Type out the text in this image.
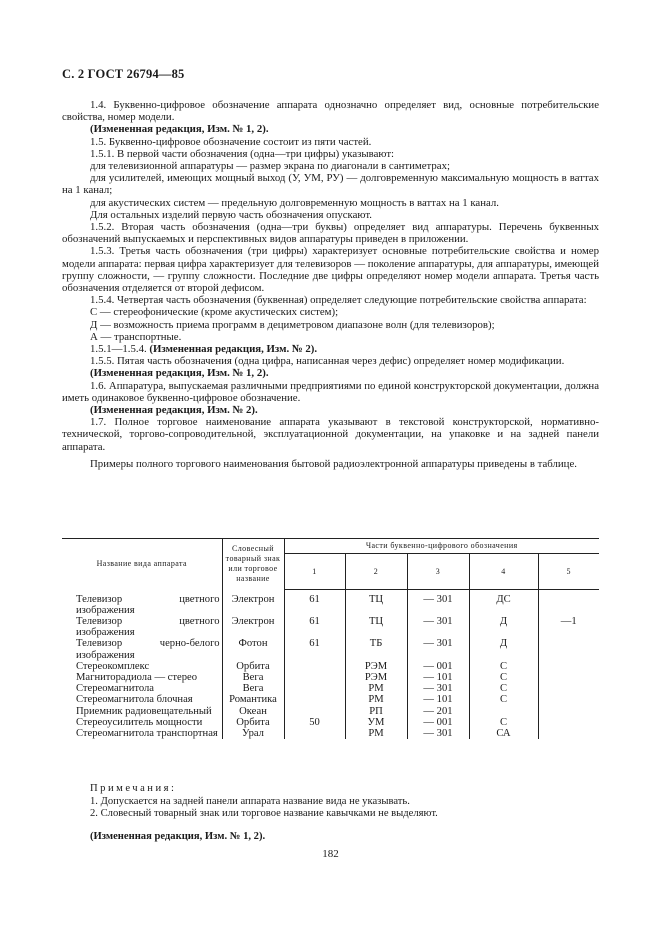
С. 2 ГОСТ 26794—85

1.4. Буквенно-цифровое обозначение аппарата однозначно определяет вид, основные потребительские свойства, номер модели.

(Измененная редакция, Изм. № 1, 2).

1.5. Буквенно-цифровое обозначение состоит из пяти частей.

1.5.1. В первой части обозначения (одна—три цифры) указывают:

для телевизионной аппаратуры — размер экрана по диагонали в сантиметрах;

для усилителей, имеющих мощный выход (У, УМ, РУ) — долговременную максимальную мощность в ваттах на 1 канал;

для акустических систем — предельную долговременную мощность в ваттах на 1 канал.

Для остальных изделий первую часть обозначения опускают.

1.5.2. Вторая часть обозначения (одна—три буквы) определяет вид аппаратуры. Перечень буквенных обозначений выпускаемых и перспективных видов аппаратуры приведен в приложении.

1.5.3. Третья часть обозначения (три цифры) характеризует основные потребительские свойства и номер модели аппарата: первая цифра характеризует для телевизоров — поколение аппаратуры, для аппаратуры, имеющей группу сложности, — группу сложности. Последние две цифры определяют номер модели аппарата. Третья часть обозначения отделяется от второй дефисом.

1.5.4. Четвертая часть обозначения (буквенная) определяет следующие потребительские свойства аппарата:

С — стереофонические (кроме акустических систем);

Д — возможность приема программ в дециметровом диапазоне волн (для телевизоров);

А — транспортные.

1.5.1—1.5.4. (Измененная редакция, Изм. № 2).

1.5.5. Пятая часть обозначения (одна цифра, написанная через дефис) определяет номер модификации.

(Измененная редакция, Изм. № 1, 2).

1.6. Аппаратура, выпускаемая различными предприятиями по единой конструкторской документации, должна иметь одинаковое буквенно-цифровое обозначение.

(Измененная редакция, Изм. № 2).

1.7. Полное торговое наименование аппарата указывают в текстовой конструкторской, нормативно-технической, торгово-сопроводительной, эксплуатационной документации, на упаковке и на задней панели аппарата.

Примеры полного торгового наименования бытовой радиоэлектронной аппаратуры приведены в таблице.

Название вида аппарата	Словесный товарный знак или торговое название	Части буквенно-цифрового обозначения				
		1	2	3	4	5

Телевизор цветного изображения	Электрон	61	ТЦ	— 301	ДС	

Телевизор цветного изображения	Электрон	61	ТЦ	— 301	Д	—1

Телевизор черно-белого изображения	Фотон	61	ТБ	— 301	Д	

Стереокомплекс	Орбита		РЭМ	— 001	С	

Магниторадиола — стерео	Вега		РЭМ	— 101	С	

Стереомагнитола	Вега		РМ	— 301	С	

Стереомагнитола блочная	Романтика		РМ	— 101	С	

Приемник радиовещательный	Океан		РП	— 201		

Стереоусилитель мощности	Орбита	50	УМ	— 001	С	

Стереомагнитола транспортная	Урал		РМ	— 301	СА	

Примечания:

1. Допускается на задней панели аппарата название вида не указывать.

2. Словесный товарный знак или торговое название кавычками не выделяют.

(Измененная редакция, Изм. № 1, 2).

182
